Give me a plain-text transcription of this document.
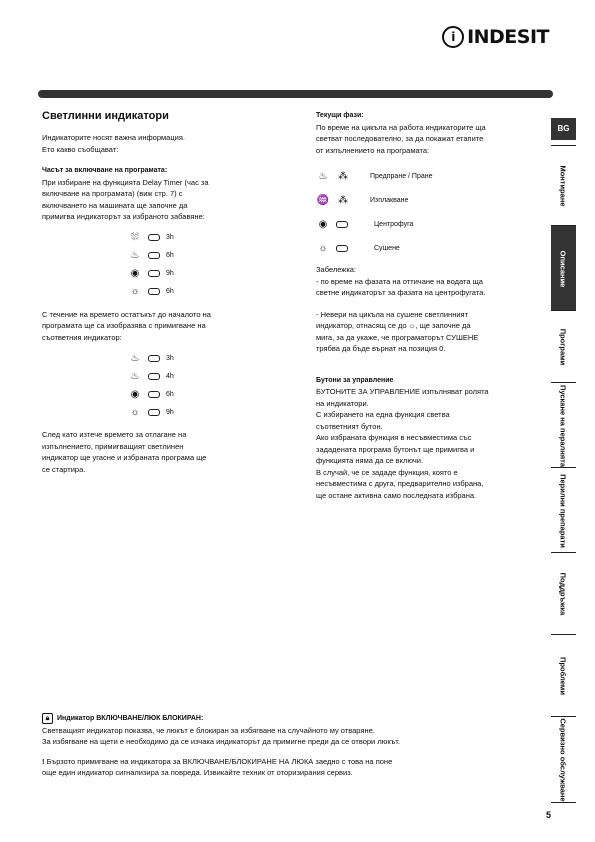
i INDESIT
BG
Монтиране
Описание
Програми
Пускане на пералнята
Перилни препарати
Поддръжка
Проблеми
Сервизно обслужване
Светлинни индикатори

Индикаторите носят важна информация.

Ето какво съобщават:

Часът за включване на програмата:

При избиране на функцията Delay Timer (час за

включване на програмата) (виж стр. 7) с

включването на машината ще започне да

примигва индикаторът за избраното забавяне:

⛆	3h
♨	6h
◉	9h
☼	6h

С течение на времето остатъкът до началото на

програмата ще са изобразява с примигване на

съответния индикатор:

♨	3h
♨	4h
◉	6h
☼	9h

След като изтече времето за отлагане на

изпълнението, примигващият светлинен

индикатор ще угасне и избраната програма ще

се стартира.

Текущи фази:

По време на цикъла на работа индикаторите ща

светват последователно, за да покажат етапите

от изпълнението на програмата:

♨ ⁂	Предпране / Пране
♒ ⁂	Изплакване
◉	Центрофуга
☼	Сушене

Забележка:

- по време на фазата на оттичане на водата ща

светне индикаторът за фазата на центрофугата.

- Невери на цикъла на сушене светлинният

индикатор, отнасящ се до ☼, ще започне да

мига, за да укаже, че програматорът СУШЕНЕ

трябва да бъде върнат на позиция 0.

Бутони за управление

БУТОНИТЕ ЗА УПРАВЛЕНИЕ изпълняват ролята

на индикатори.

С избирането на една функция светва

съответният бутон.

Ако избраната функция в несъвместима със

зададената програма бутонът ще примигва и

функцията няма да се включи.

В случай, че се зададе функция, която е

несъвместима с друга, предварително избрана,

ще остане активна само последната избрана.

🔒︎	Индикатор ВКЛЮЧВАНЕ/ЛЮК БЛОКИРАН:

Светващият индикатор показва, че люкът е блокиран за избягване на случайното му отваряне.

За избягване на щети е необходимо да се изчака индикаторът да примигне преди да се отвори люкът.

! Бързото примигване на индикатора за ВКЛЮЧВАНЕ/БЛОКИРАНЕ НА ЛЮКА заедно с това на поне

още един индикатор сигнализира за повреда. Извикайте техник от оторизирания сервиз.

5
